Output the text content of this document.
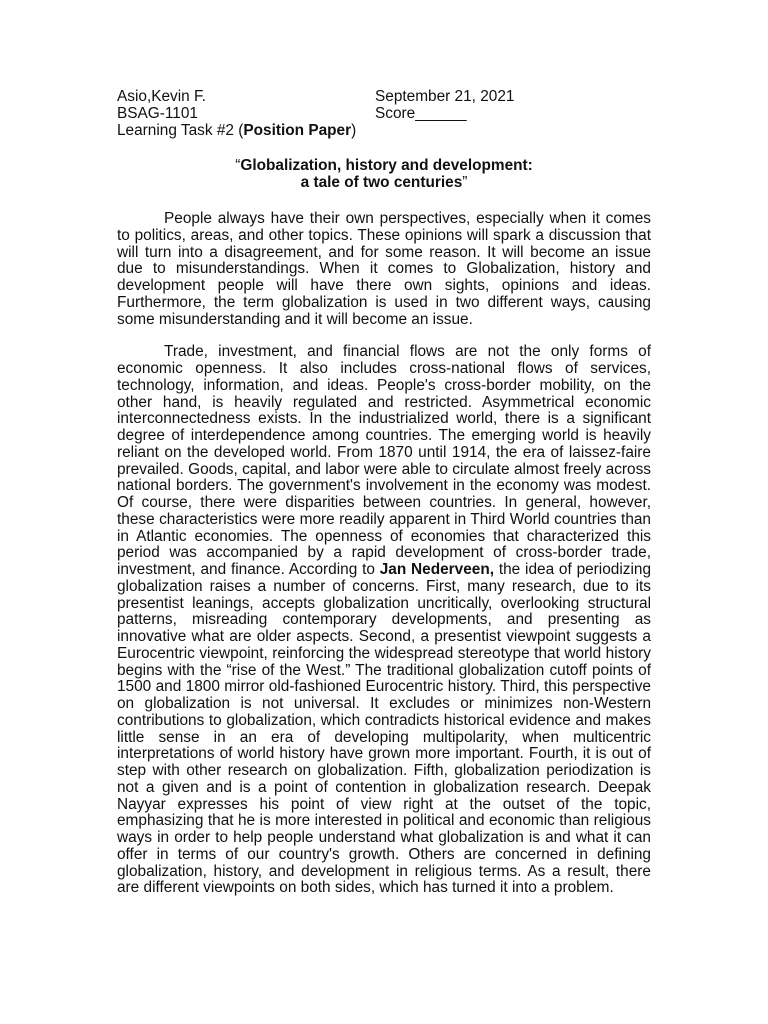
Asio,Kevin F.	September 21, 2021
BSAG-1101	Score______
Learning Task #2 (Position Paper)
“Globalization, history and development:
a tale of two centuries”

People always have their own perspectives, especially when it comes to politics, areas, and other topics. These opinions will spark a discussion that will turn into a disagreement, and for some reason. It will become an issue due to misunderstandings. When it comes to Globalization, history and development people will have there own sights, opinions and ideas. Furthermore, the term globalization is used in two different ways, causing some misunderstanding and it will become an issue.

Trade, investment, and financial flows are not the only forms of economic openness. It also includes cross-national flows of services, technology, information, and ideas. People's cross-border mobility, on the other hand, is heavily regulated and restricted. Asymmetrical economic interconnectedness exists. In the industrialized world, there is a significant degree of interdependence among countries. The emerging world is heavily reliant on the developed world. From 1870 until 1914, the era of laissez-faire prevailed. Goods, capital, and labor were able to circulate almost freely across national borders. The government's involvement in the economy was modest. Of course, there were disparities between countries. In general, however, these characteristics were more readily apparent in Third World countries than in Atlantic economies. The openness of economies that characterized this period was accompanied by a rapid development of cross-border trade, investment, and finance. According to Jan Nederveen, the idea of periodizing globalization raises a number of concerns. First, many research, due to its presentist leanings, accepts globalization uncritically, overlooking structural patterns, misreading contemporary developments, and presenting as innovative what are older aspects. Second, a presentist viewpoint suggests a Eurocentric viewpoint, reinforcing the widespread stereotype that world history begins with the “rise of the West.” The traditional globalization cutoff points of 1500 and 1800 mirror old-fashioned Eurocentric history. Third, this perspective on globalization is not universal. It excludes or minimizes non-Western contributions to globalization, which contradicts historical evidence and makes little sense in an era of developing multipolarity, when multicentric interpretations of world history have grown more important. Fourth, it is out of step with other research on globalization. Fifth, globalization periodization is not a given and is a point of contention in globalization research. Deepak Nayyar expresses his point of view right at the outset of the topic, emphasizing that he is more interested in political and economic than religious ways in order to help people understand what globalization is and what it can offer in terms of our country's growth. Others are concerned in defining globalization, history, and development in religious terms. As a result, there are different viewpoints on both sides, which has turned it into a problem.
